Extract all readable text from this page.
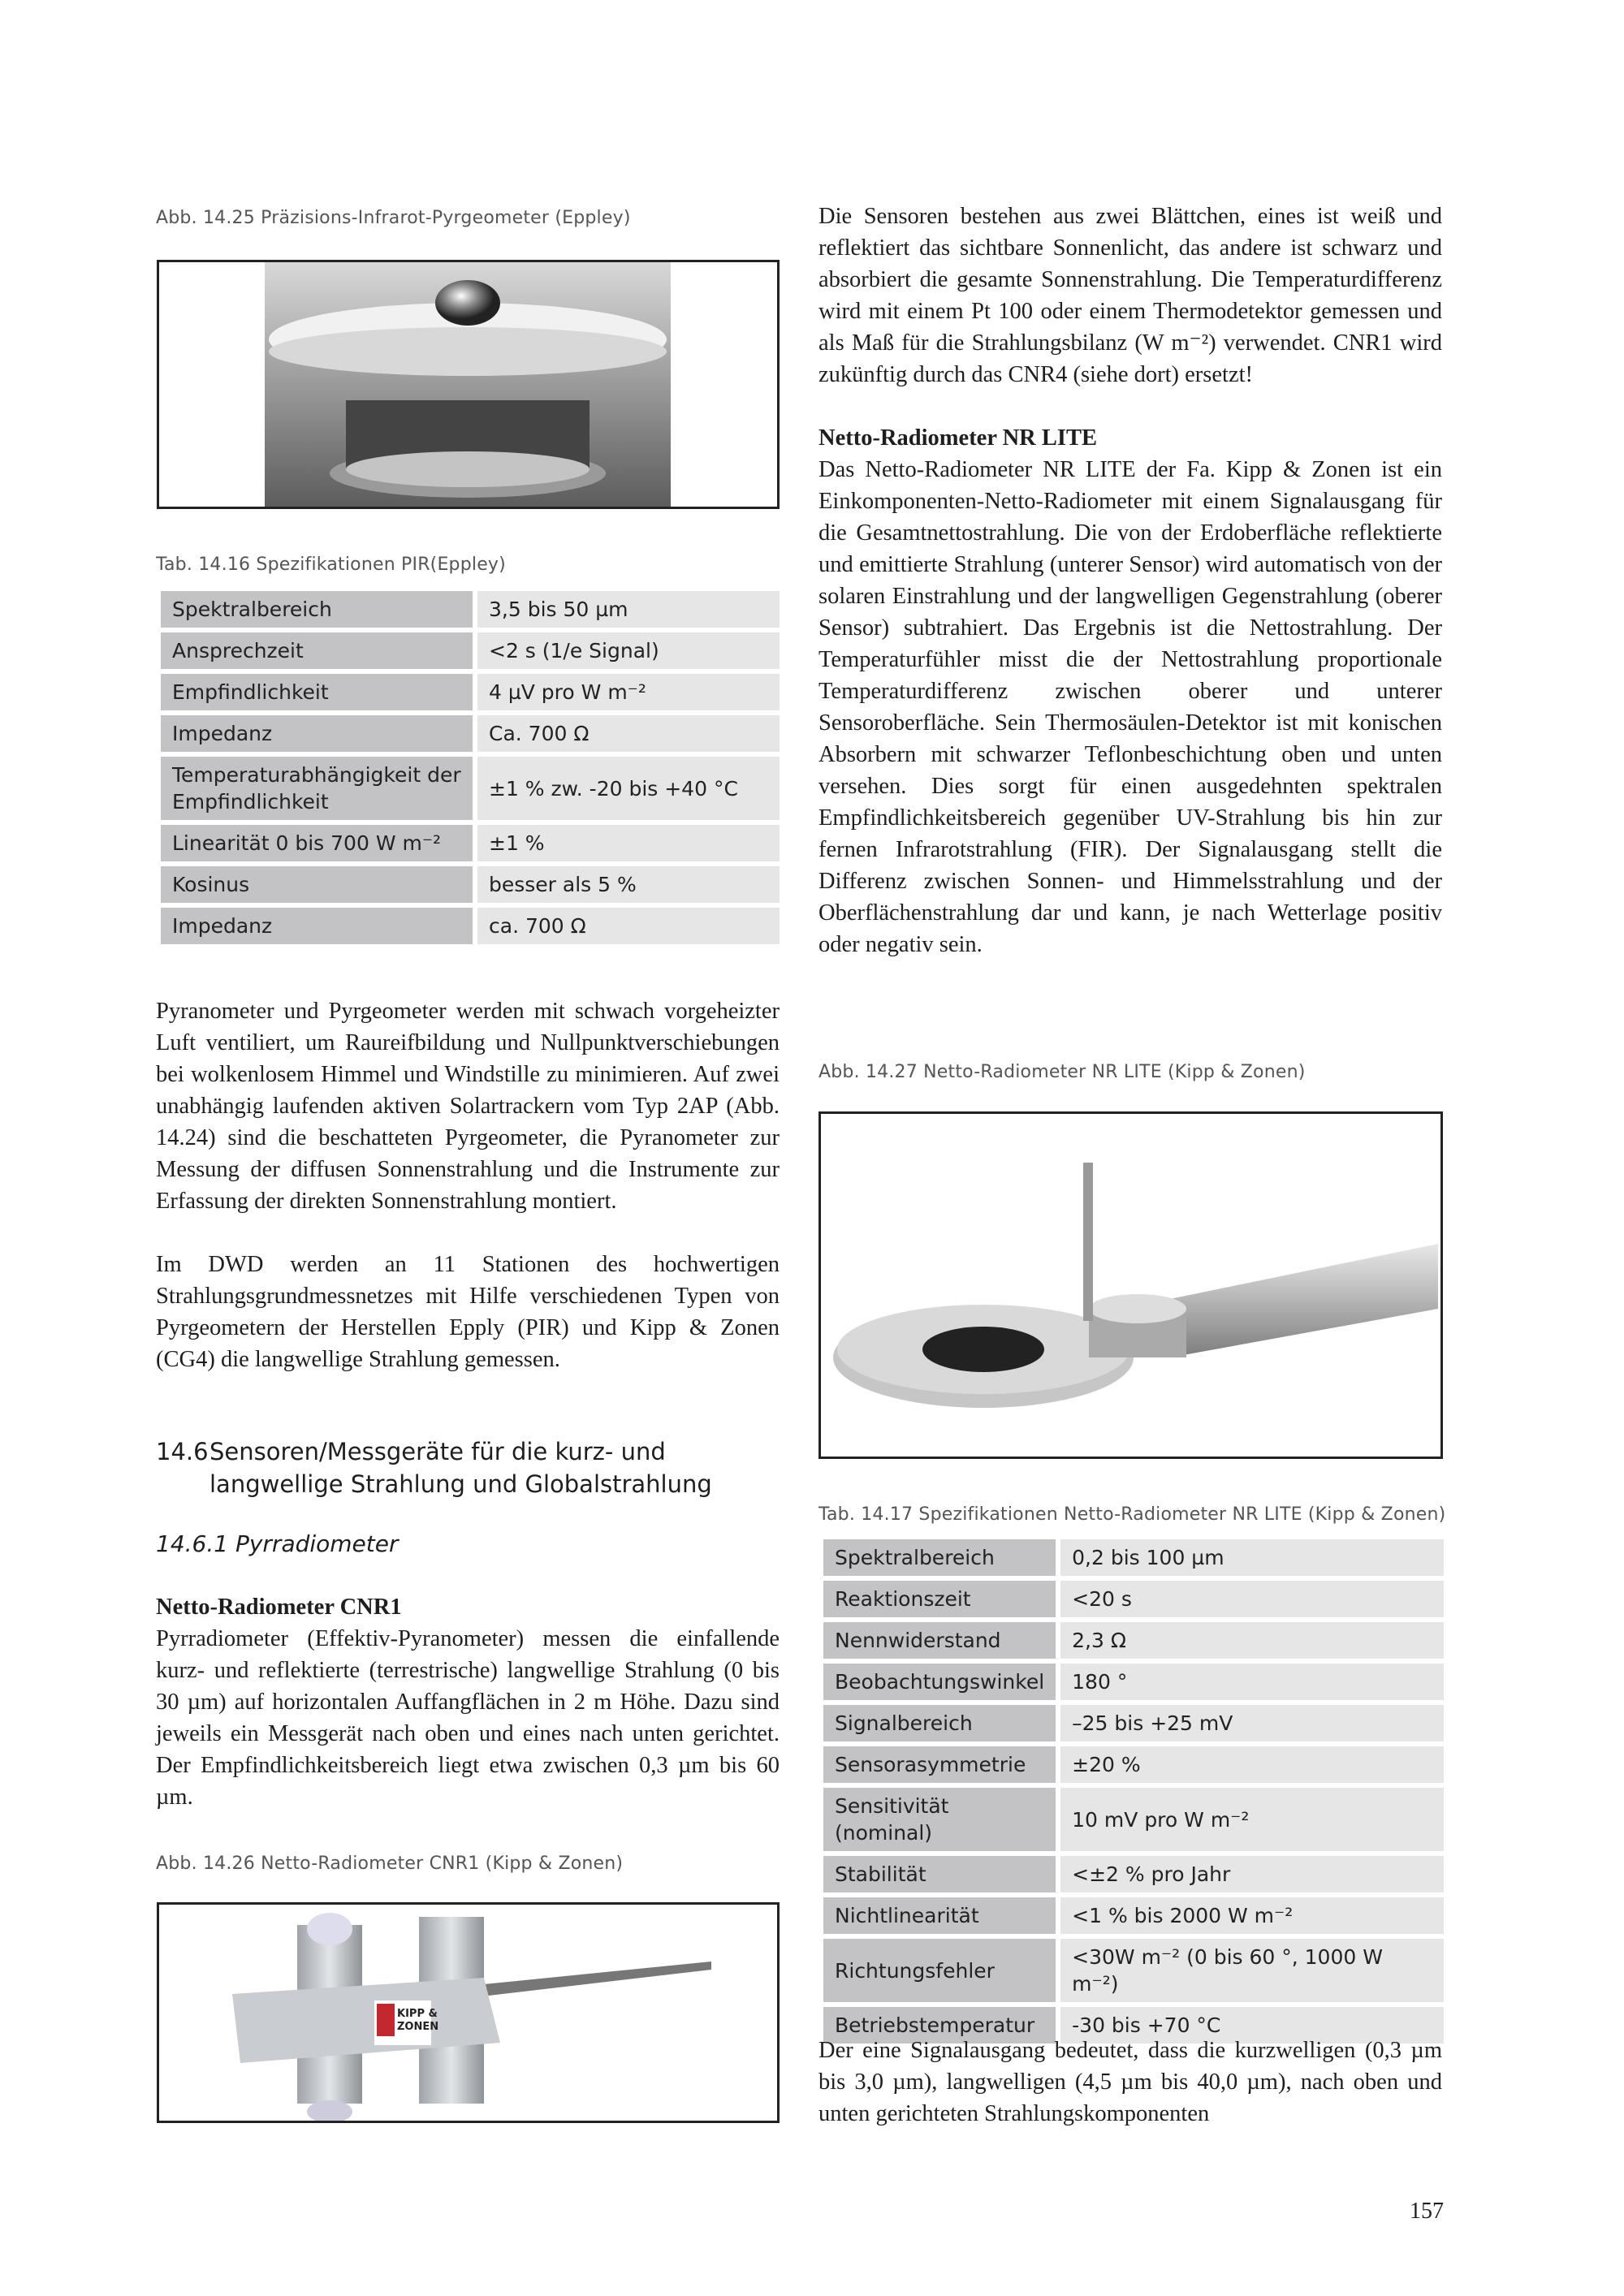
Abb. 14.25 Präzisions-Infrarot-Pyrgeometer (Eppley)
Tab. 14.16 Spezifikationen PIR(Eppley)
Spektralbereich	3,5 bis 50 µm
Ansprechzeit	<2 s (1/e Signal)
Empfindlichkeit	4 µV pro W m⁻²
Impedanz	Ca. 700 Ω
Temperaturabhängigkeit der Empfindlichkeit	±1 % zw. -20 bis +40 °C
Linearität 0 bis 700 W m⁻²	±1 %
Kosinus	besser als 5 %
Impedanz	ca. 700 Ω

Pyranometer und Pyrgeometer werden mit schwach vorgeheizter Luft ventiliert, um Raureifbildung und Nullpunktverschiebungen bei wolkenlosem Himmel und Windstille zu minimieren. Auf zwei unabhängig laufenden aktiven Solartrackern vom Typ 2AP (Abb. 14.24) sind die beschatteten Pyrgeometer, die Pyranometer zur Messung der diffusen Sonnenstrahlung und die Instrumente zur Erfassung der direkten Sonnenstrahlung montiert.

Im DWD werden an 11 Stationen des hochwertigen Strahlungsgrundmessnetzes mit Hilfe verschiedenen Typen von Pyrgeometern der Herstellen Epply (PIR) und Kipp & Zonen (CG4) die langwellige Strahlung gemessen.

14.6 Sensoren/Messgeräte für die kurz- und langwellige Strahlung und Globalstrahlung
14.6.1 Pyrradiometer

Netto-Radiometer CNR1

Pyrradiometer (Effektiv-Pyranometer) messen die einfallende kurz- und reflektierte (terrestrische) langwellige Strahlung (0 bis 30 µm) auf horizontalen Auffangflächen in 2 m Höhe. Dazu sind jeweils ein Messgerät nach oben und eines nach unten gerichtet. Der Empfindlichkeitsbereich liegt etwa zwischen 0,3 µm bis 60 µm.

Abb. 14.26 Netto-Radiometer CNR1 (Kipp & Zonen)
KIPP &
ZONEN

Die Sensoren bestehen aus zwei Blättchen, eines ist weiß und reflektiert das sichtbare Sonnenlicht, das andere ist schwarz und absorbiert die gesamte Sonnenstrahlung. Die Temperaturdifferenz wird mit einem Pt 100 oder einem Thermodetektor gemessen und als Maß für die Strahlungsbilanz (W m⁻²) verwendet. CNR1 wird zukünftig durch das CNR4 (siehe dort) ersetzt!

Netto-Radiometer NR LITE

Das Netto-Radiometer NR LITE der Fa. Kipp & Zonen ist ein Einkomponenten-Netto-Radiometer mit einem Signalausgang für die Gesamtnettostrahlung. Die von der Erdoberfläche reflektierte und emittierte Strahlung (unterer Sensor) wird automatisch von der solaren Einstrahlung und der langwelligen Gegenstrahlung (oberer Sensor) subtrahiert. Das Ergebnis ist die Nettostrahlung. Der Temperaturfühler misst die der Nettostrahlung proportionale Temperaturdifferenz zwischen oberer und unterer Sensoroberfläche. Sein Thermosäulen-Detektor ist mit konischen Absorbern mit schwarzer Teflonbeschichtung oben und unten versehen. Dies sorgt für einen ausgedehnten spektralen Empfindlichkeitsbereich gegenüber UV-Strahlung bis hin zur fernen Infrarotstrahlung (FIR). Der Signalausgang stellt die Differenz zwischen Sonnen- und Himmelsstrahlung und der Oberflächenstrahlung dar und kann, je nach Wetterlage positiv oder negativ sein.

Abb. 14.27 Netto-Radiometer NR LITE (Kipp & Zonen)
Tab. 14.17 Spezifikationen Netto-Radiometer NR LITE (Kipp & Zonen)
Spektralbereich	0,2 bis 100 µm
Reaktionszeit	<20 s
Nennwiderstand	2,3 Ω
Beobachtungswinkel	180 °
Signalbereich	–25 bis +25 mV
Sensorasymmetrie	±20 %
Sensitivität (nominal)	10 mV pro W m⁻²
Stabilität	<±2 % pro Jahr
Nichtlinearität	<1 % bis 2000 W m⁻²
Richtungsfehler	<30W m⁻² (0 bis 60 °, 1000 W m⁻²)
Betriebstemperatur	-30 bis +70 °C
Der eine Signalausgang bedeutet, dass die kurzwelligen (0,3 µm bis 3,0 µm), langwelligen (4,5 µm bis 40,0 µm), nach oben und unten gerichteten Strahlungskomponenten
157
